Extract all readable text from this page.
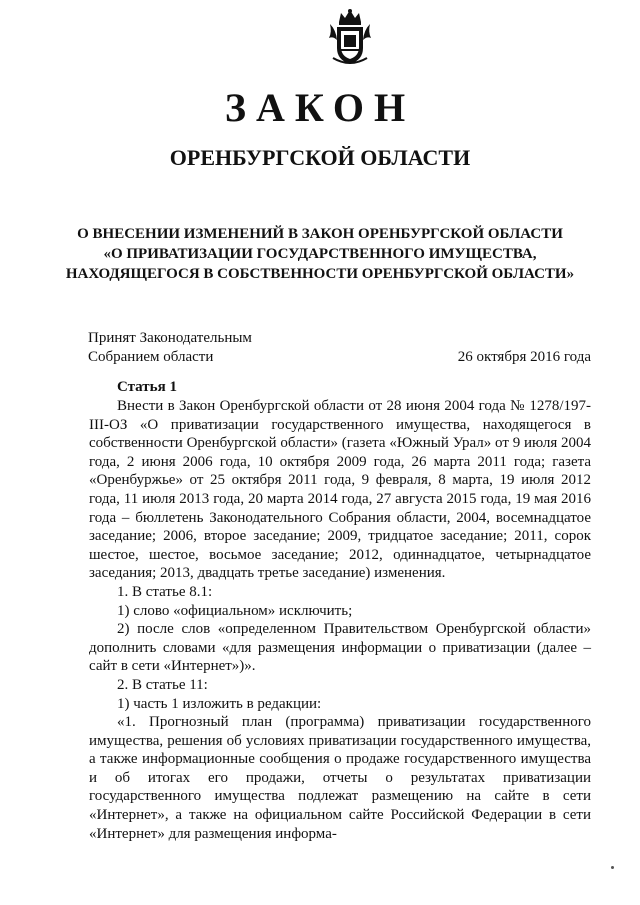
ЗАКОН
ОРЕНБУРГСКОЙ ОБЛАСТИ
О ВНЕСЕНИИ ИЗМЕНЕНИЙ В ЗАКОН ОРЕНБУРГСКОЙ ОБЛАСТИ
«О ПРИВАТИЗАЦИИ ГОСУДАРСТВЕННОГО ИМУЩЕСТВА,
НАХОДЯЩЕГОСЯ В СОБСТВЕННОСТИ ОРЕНБУРГСКОЙ ОБЛАСТИ»
Принят Законодательным
Собранием области	26 октября 2016 года
Статья 1

Внести в Закон Оренбургской области от 28 июня 2004 года № 1278/197-III-ОЗ «О приватизации государственного имущества, находящегося в собственности Оренбургской области» (газета «Южный Урал» от 9 июля 2004 года, 2 июня 2006 года, 10 октября 2009 года, 26 марта 2011 года; газета «Оренбуржье» от 25 октября 2011 года, 9 февраля, 8 марта, 19 июля 2012 года, 11 июля 2013 года, 20 марта 2014 года, 27 августа 2015 года, 19 мая 2016 года – бюллетень Законодательного Собрания области, 2004, восемнадцатое заседание; 2006, второе заседание; 2009, тридцатое заседание; 2011, сорок шестое, шестое, восьмое заседание; 2012, одиннадцатое, четырнадцатое заседания; 2013, двадцать третье заседание) изменения.

1. В статье 8.1:

1) слово «официальном» исключить;

2) после слов «определенном Правительством Оренбургской области» дополнить словами «для размещения информации о приватизации (далее – сайт в сети «Интернет»)».

2. В статье 11:

1) часть 1 изложить в редакции:

«1. Прогнозный план (программа) приватизации государственного имущества, решения об условиях приватизации государственного имущества, а также информационные сообщения о продаже государственного имущества и об итогах его продажи, отчеты о результатах приватизации государственного имущества подлежат размещению на сайте в сети «Интернет», а также на официальном сайте Российской Федерации в сети «Интернет» для размещения информа-
